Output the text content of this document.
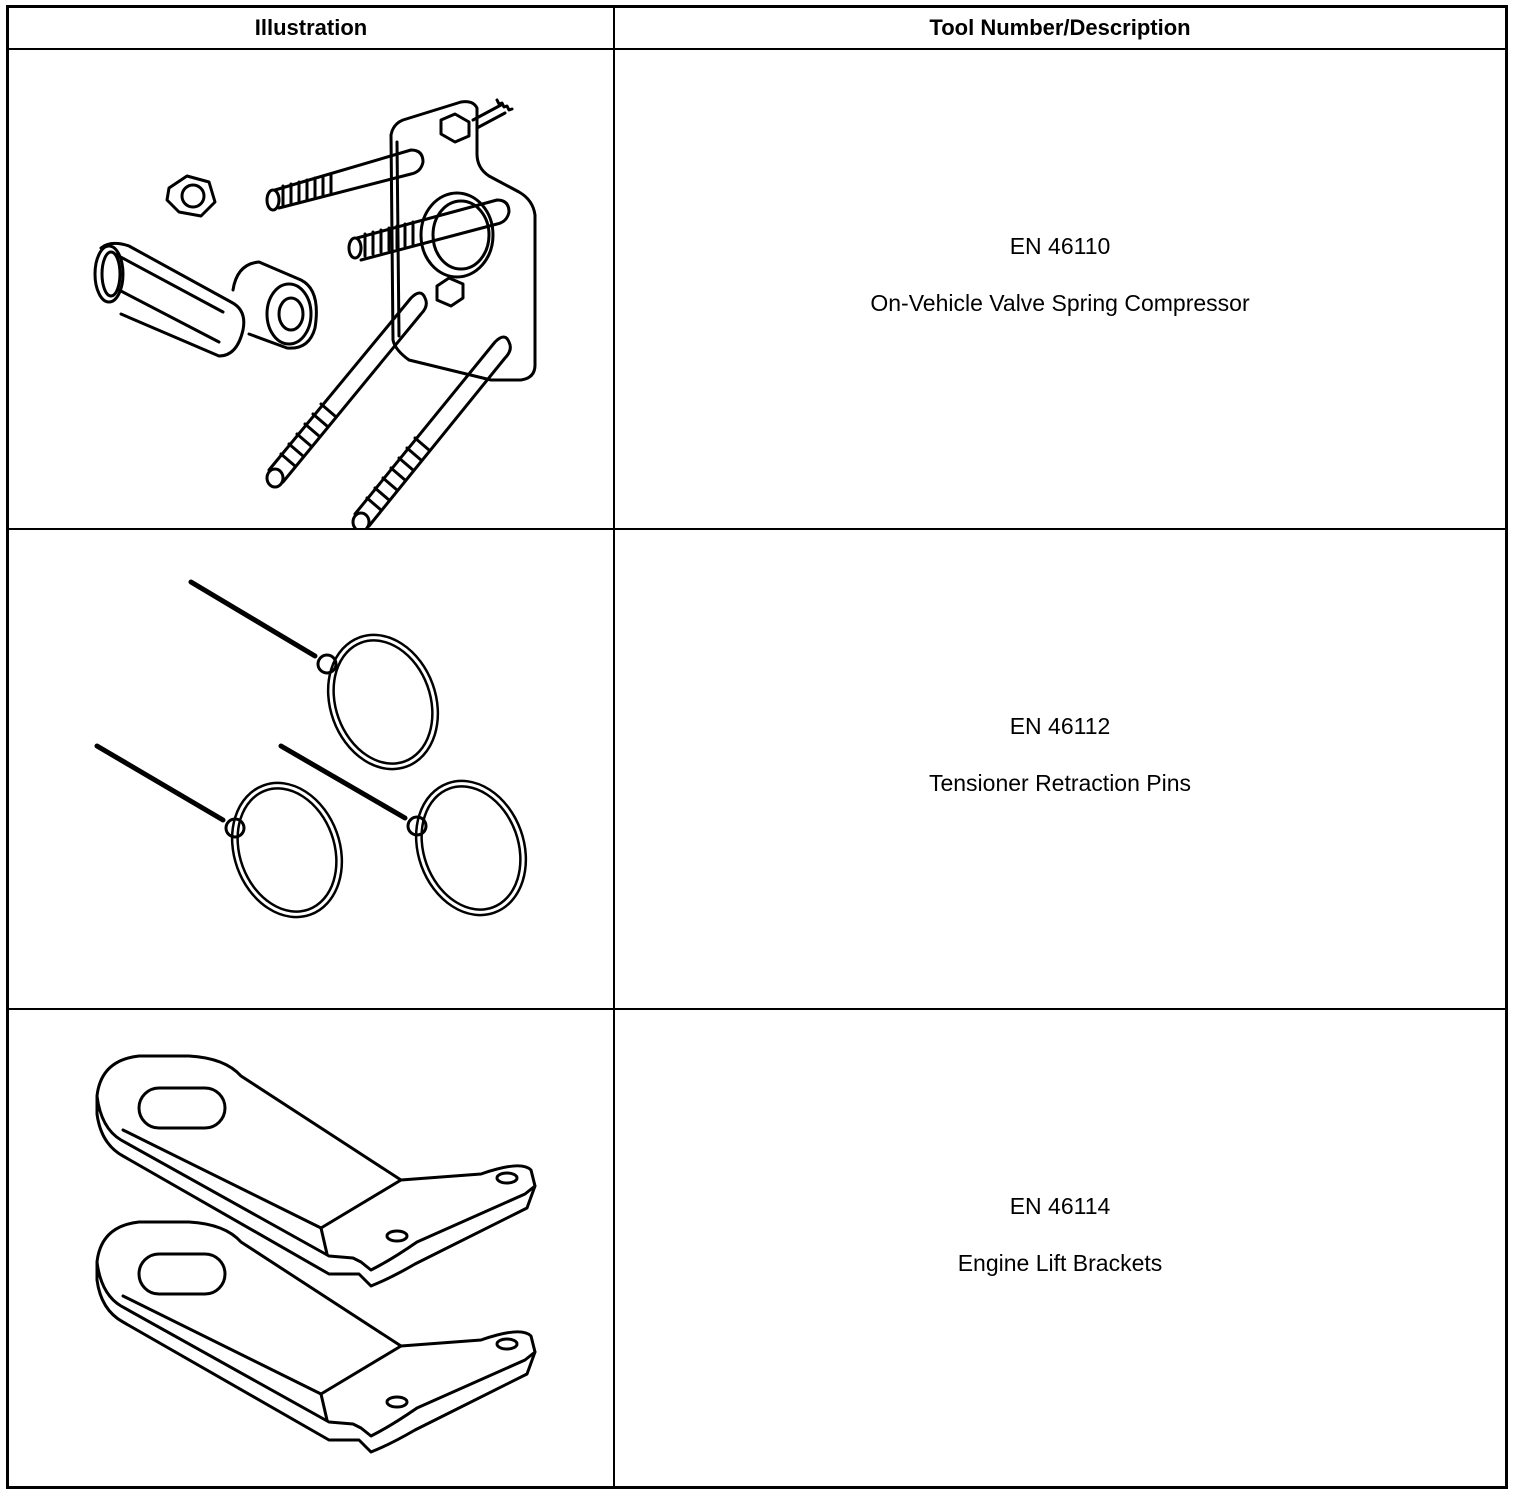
Illustration	Tool Number/Description
EN 46110
On-Vehicle Valve Spring Compressor
EN 46112
Tensioner Retraction Pins
EN 46114
Engine Lift Brackets
